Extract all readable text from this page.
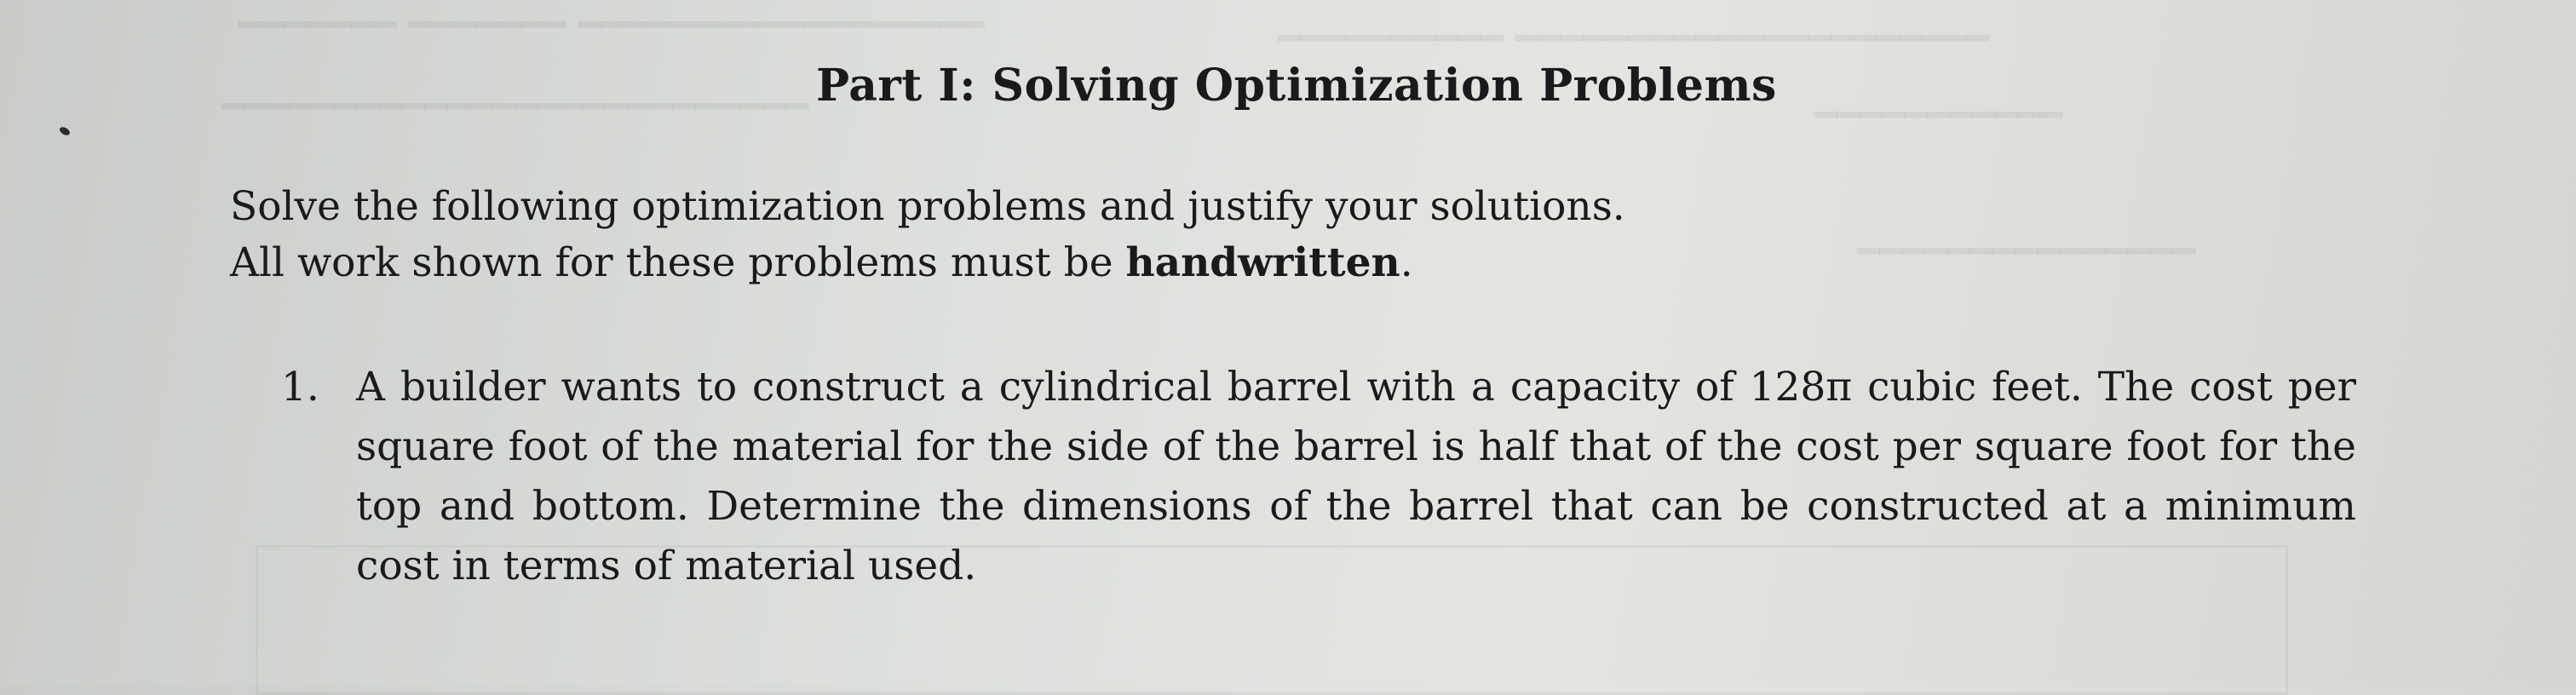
━━━━━━━ ━━━━━━━ ━━━━━━━━━━━━━━━━━━	━━━━━━━━━━ ━━━━━━━━━━━━━━━━━━━━━
━━━━━━━━━━━━━━━━━━━━━━━━━━	━━━━━━━━━━━
━━━━━━━━━━━━━━━
Part I: Solving Optimization Problems
Solve the following optimization problems and justify your solutions.
All work shown for these problems must be handwritten.
1. A builder wants to construct a cylindrical barrel with a capacity of 128π cubic feet. The cost per square foot of the material for the side of the barrel is half that of the cost per square foot for the top and bottom. Determine the dimensions of the barrel that can be constructed at a minimum cost in terms of material used.
